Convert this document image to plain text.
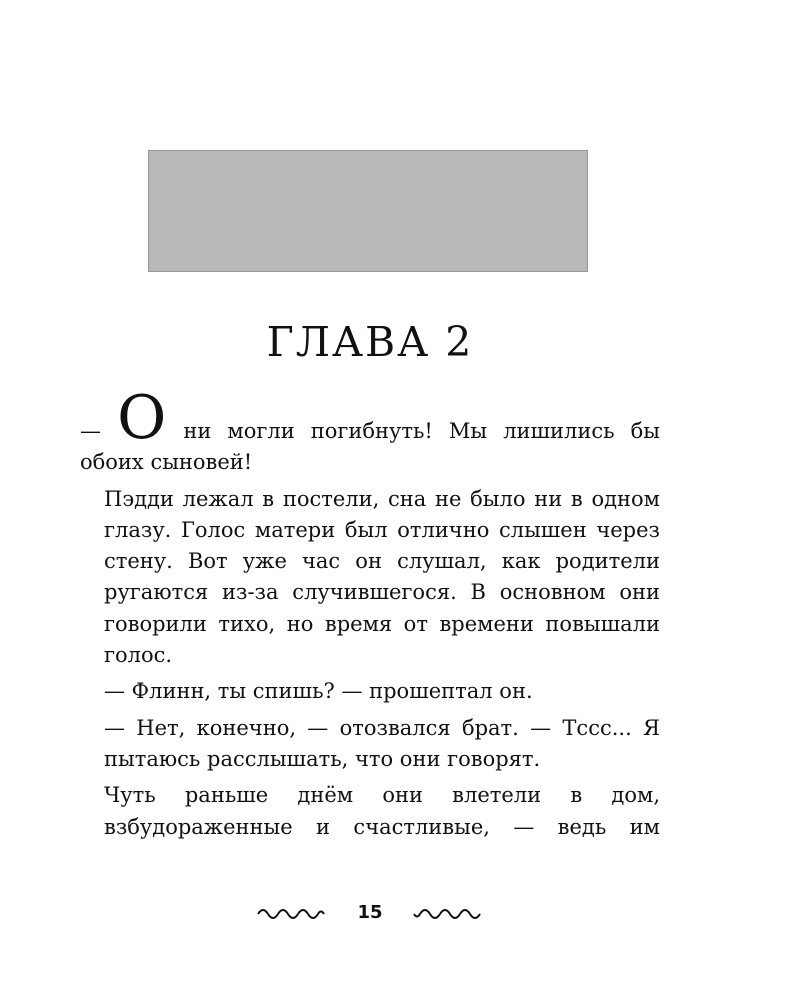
ГЛАВА 2

— О ни могли погибнуть! Мы лишились бы обоих сыновей!

Пэдди лежал в постели, сна не было ни в одном глазу. Голос матери был отлично слышен через стену. Вот уже час он слушал, как родители ругаются из-за случившегося. В основном они говорили тихо, но время от времени повышали голос.

— Флинн, ты спишь? — прошептал он.

— Нет, конечно, — отозвался брат. — Тссс... Я пытаюсь расслышать, что они говорят.

Чуть раньше днём они влетели в дом, взбудораженные и счастливые, — ведь им

15
